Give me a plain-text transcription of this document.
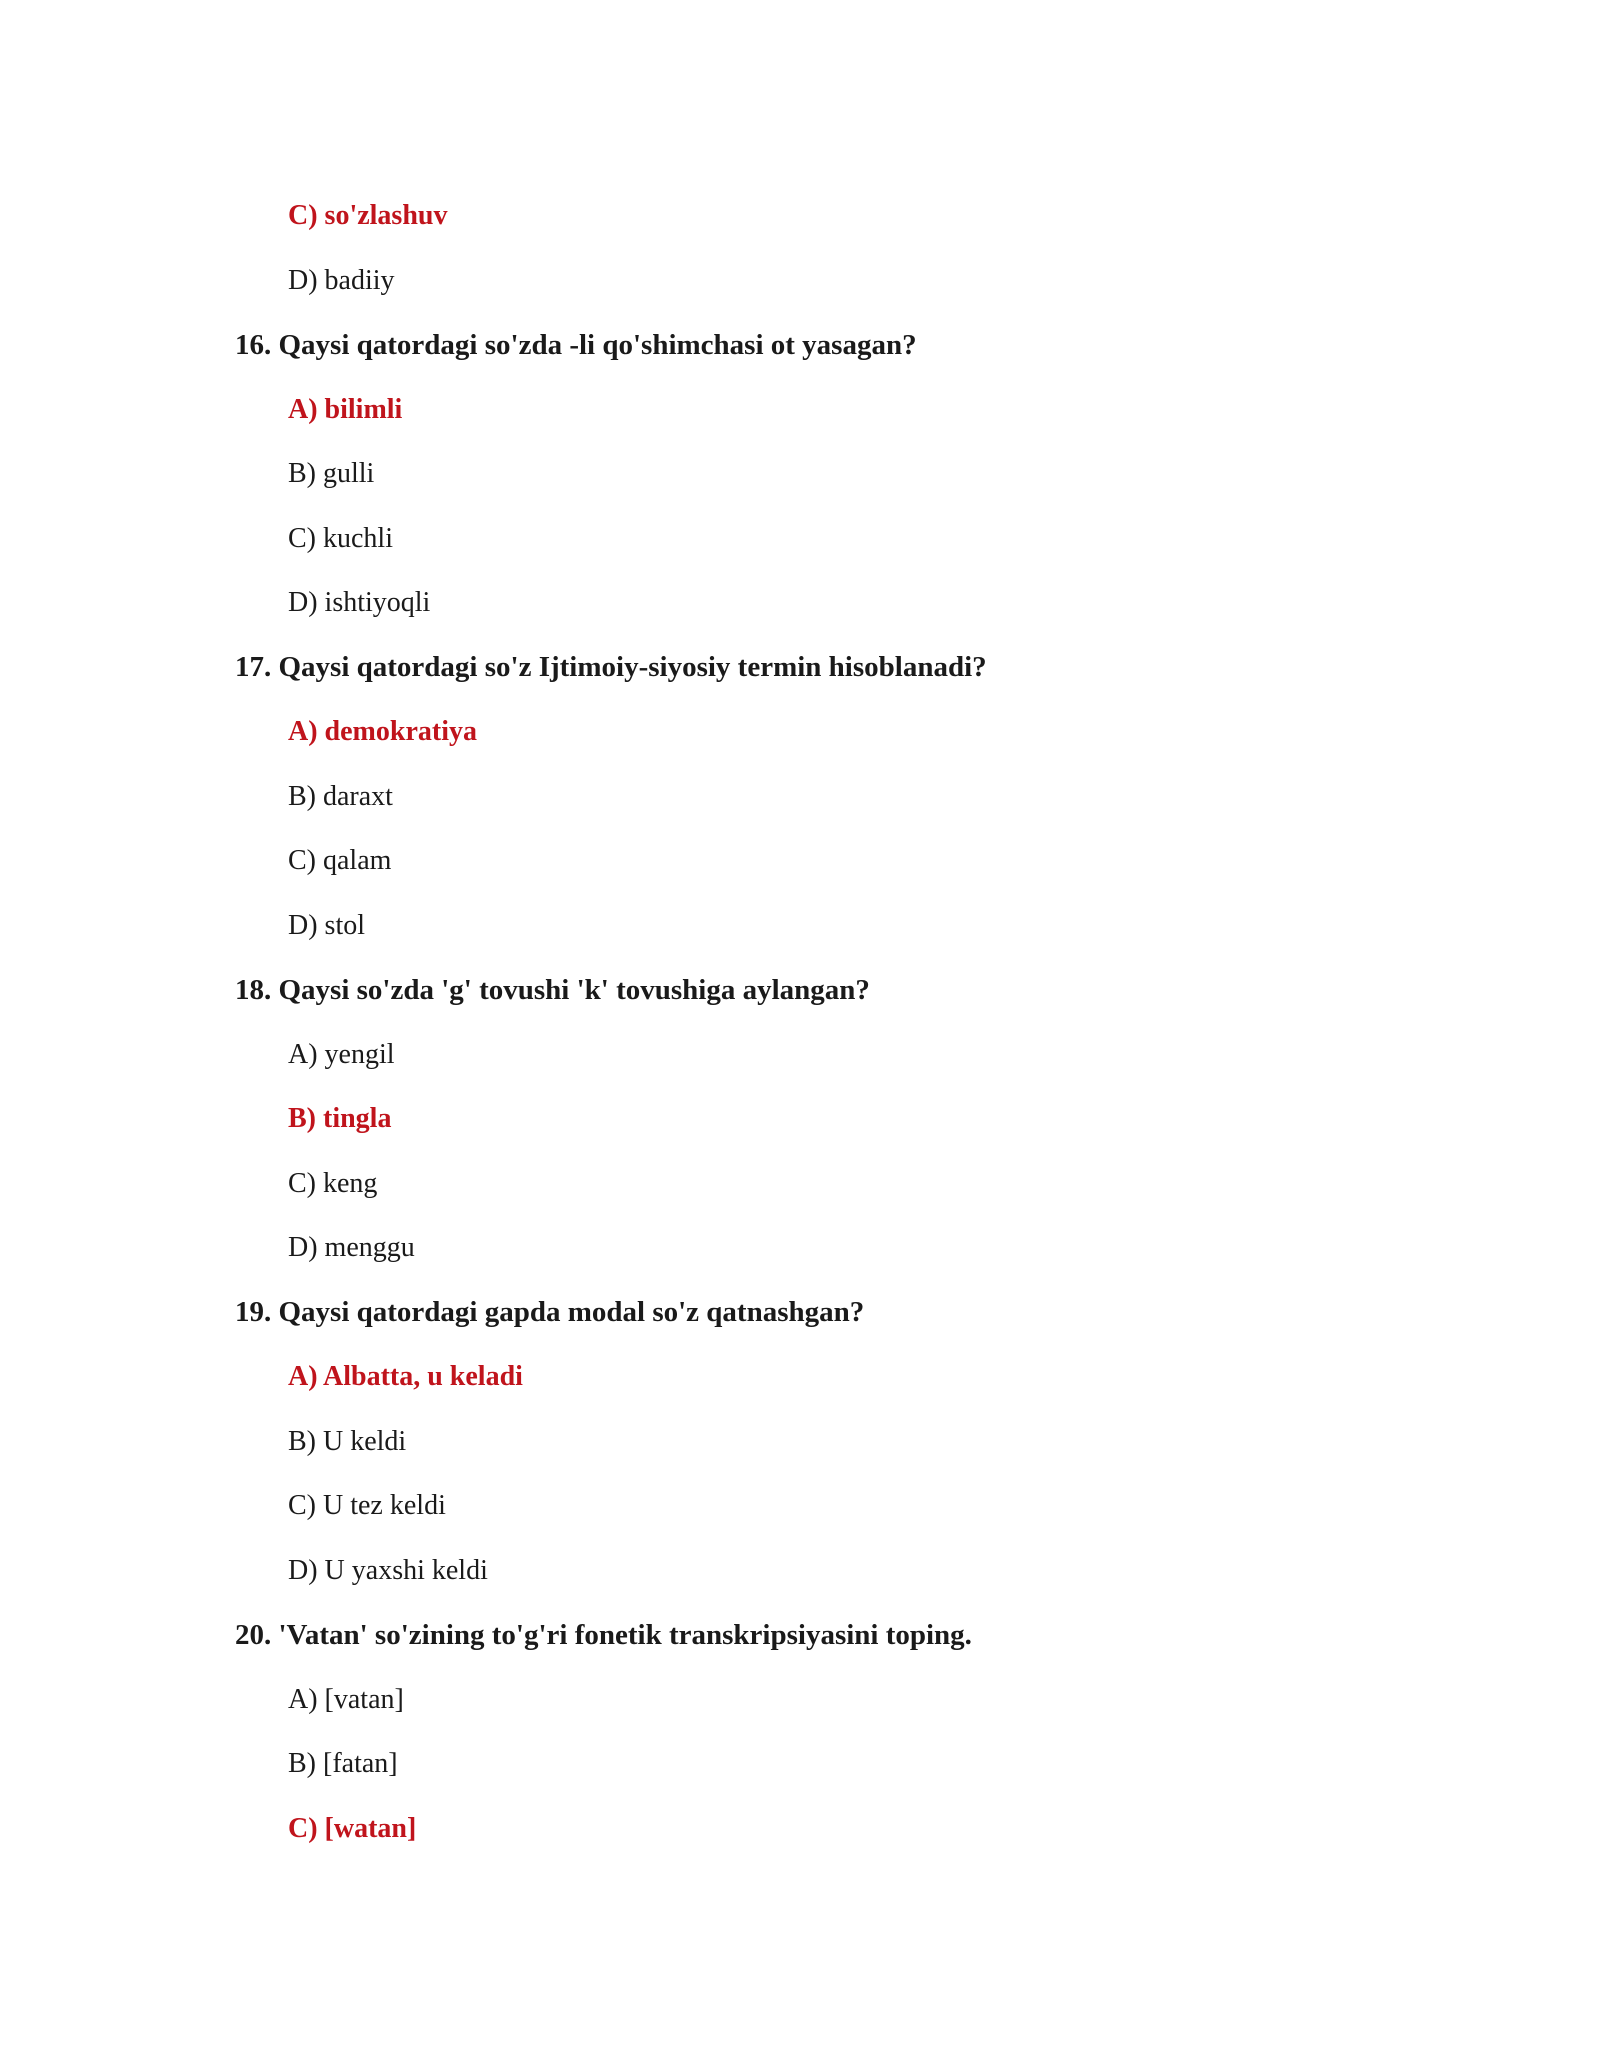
C) so'zlashuv
D) badiiy
16. Qaysi qatordagi so'zda -li qo'shimchasi ot yasagan?
A) bilimli
B) gulli
C) kuchli
D) ishtiyoqli
17. Qaysi qatordagi so'z Ijtimoiy-siyosiy termin hisoblanadi?
A) demokratiya
B) daraxt
C) qalam
D) stol
18. Qaysi so'zda 'g' tovushi 'k' tovushiga aylangan?
A) yengil
B) tingla
C) keng
D) menggu
19. Qaysi qatordagi gapda modal so'z qatnashgan?
A) Albatta, u keladi
B) U keldi
C) U tez keldi
D) U yaxshi keldi
20. 'Vatan' so'zining to'g'ri fonetik transkripsiyasini toping.
A) [vatan]
B) [fatan]
C) [watan]
